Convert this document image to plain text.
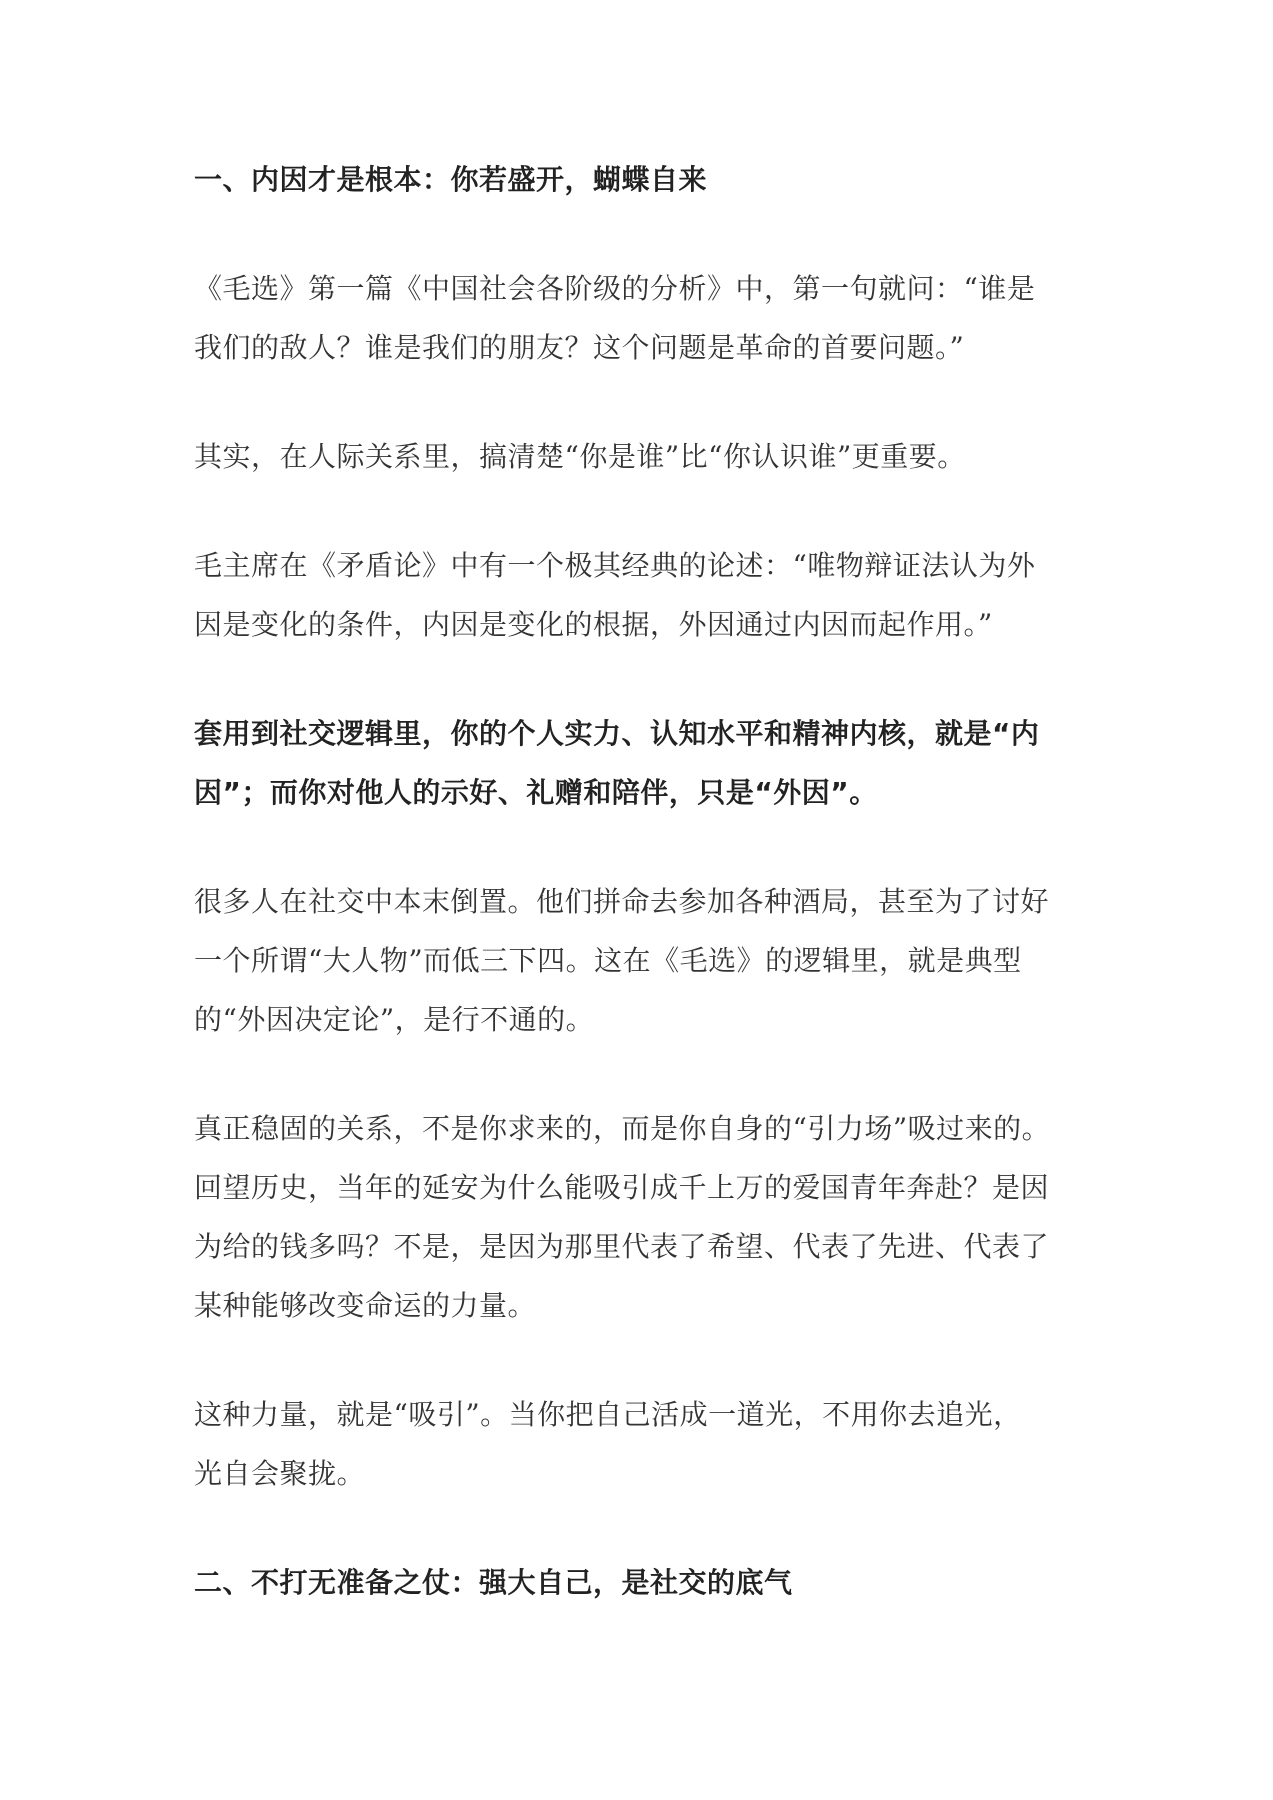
一、内因才是根本：你若盛开，蝴蝶自来
《毛选》第一篇《中国社会各阶级的分析》中，第一句就问：“谁是
我们的敌人？谁是我们的朋友？这个问题是革命的首要问题。”
其实，在人际关系里，搞清楚“你是谁”比“你认识谁”更重要。
毛主席在《矛盾论》中有一个极其经典的论述：“唯物辩证法认为外
因是变化的条件，内因是变化的根据，外因通过内因而起作用。”
套用到社交逻辑里，你的个人实力、认知水平和精神内核，就是“内
因”；而你对他人的示好、礼赠和陪伴，只是“外因”。
很多人在社交中本末倒置。他们拼命去参加各种酒局，甚至为了讨好
一个所谓“大人物”而低三下四。这在《毛选》的逻辑里，就是典型
的“外因决定论”，是行不通的。
真正稳固的关系，不是你求来的，而是你自身的“引力场”吸过来的。
回望历史，当年的延安为什么能吸引成千上万的爱国青年奔赴？是因
为给的钱多吗？不是，是因为那里代表了希望、代表了先进、代表了
某种能够改变命运的力量。
这种力量，就是“吸引”。当你把自己活成一道光，不用你去追光，
光自会聚拢。
二、不打无准备之仗：强大自己，是社交的底气
